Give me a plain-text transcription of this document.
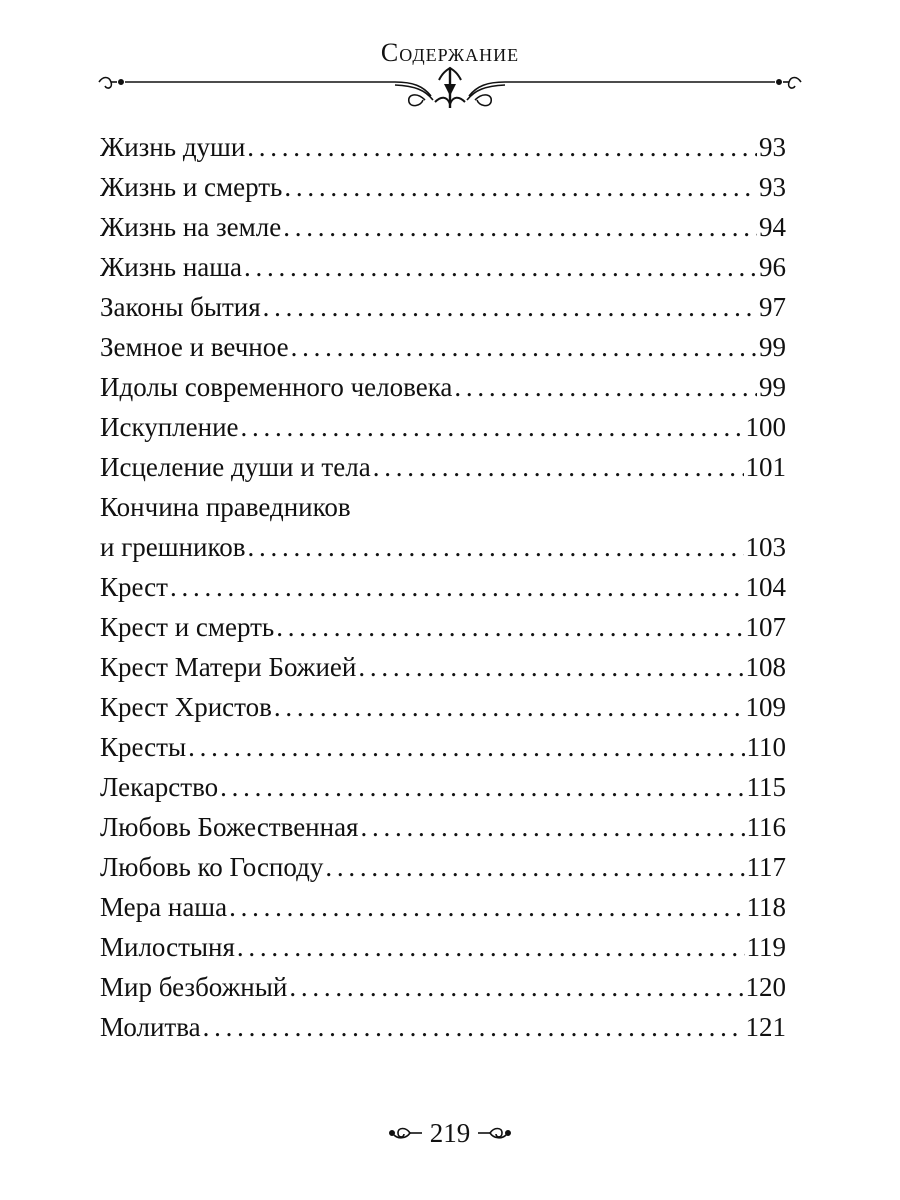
Содержание
Жизнь души . . .	93
Жизнь и смерть . . .	93
Жизнь на земле . . .	94
Жизнь наша . . .	96
Законы бытия . . .	97
Земное и вечное . . .	99
Идолы современного человека . . .	99
Искупление . . .	100
Исцеление души и тела . . .	101
Кончина праведников
и грешников . . .	103
Крест . . .	104
Крест и смерть . . .	107
Крест Матери Божией . . .	108
Крест Христов . . .	109
Кресты . . .	110
Лекарство . . .	115
Любовь Божественная . . .	116
Любовь ко Господу . . .	117
Мера наша . . .	118
Милостыня . . .	119
Мир безбожный . . .	120
Молитва . . .	121
219
